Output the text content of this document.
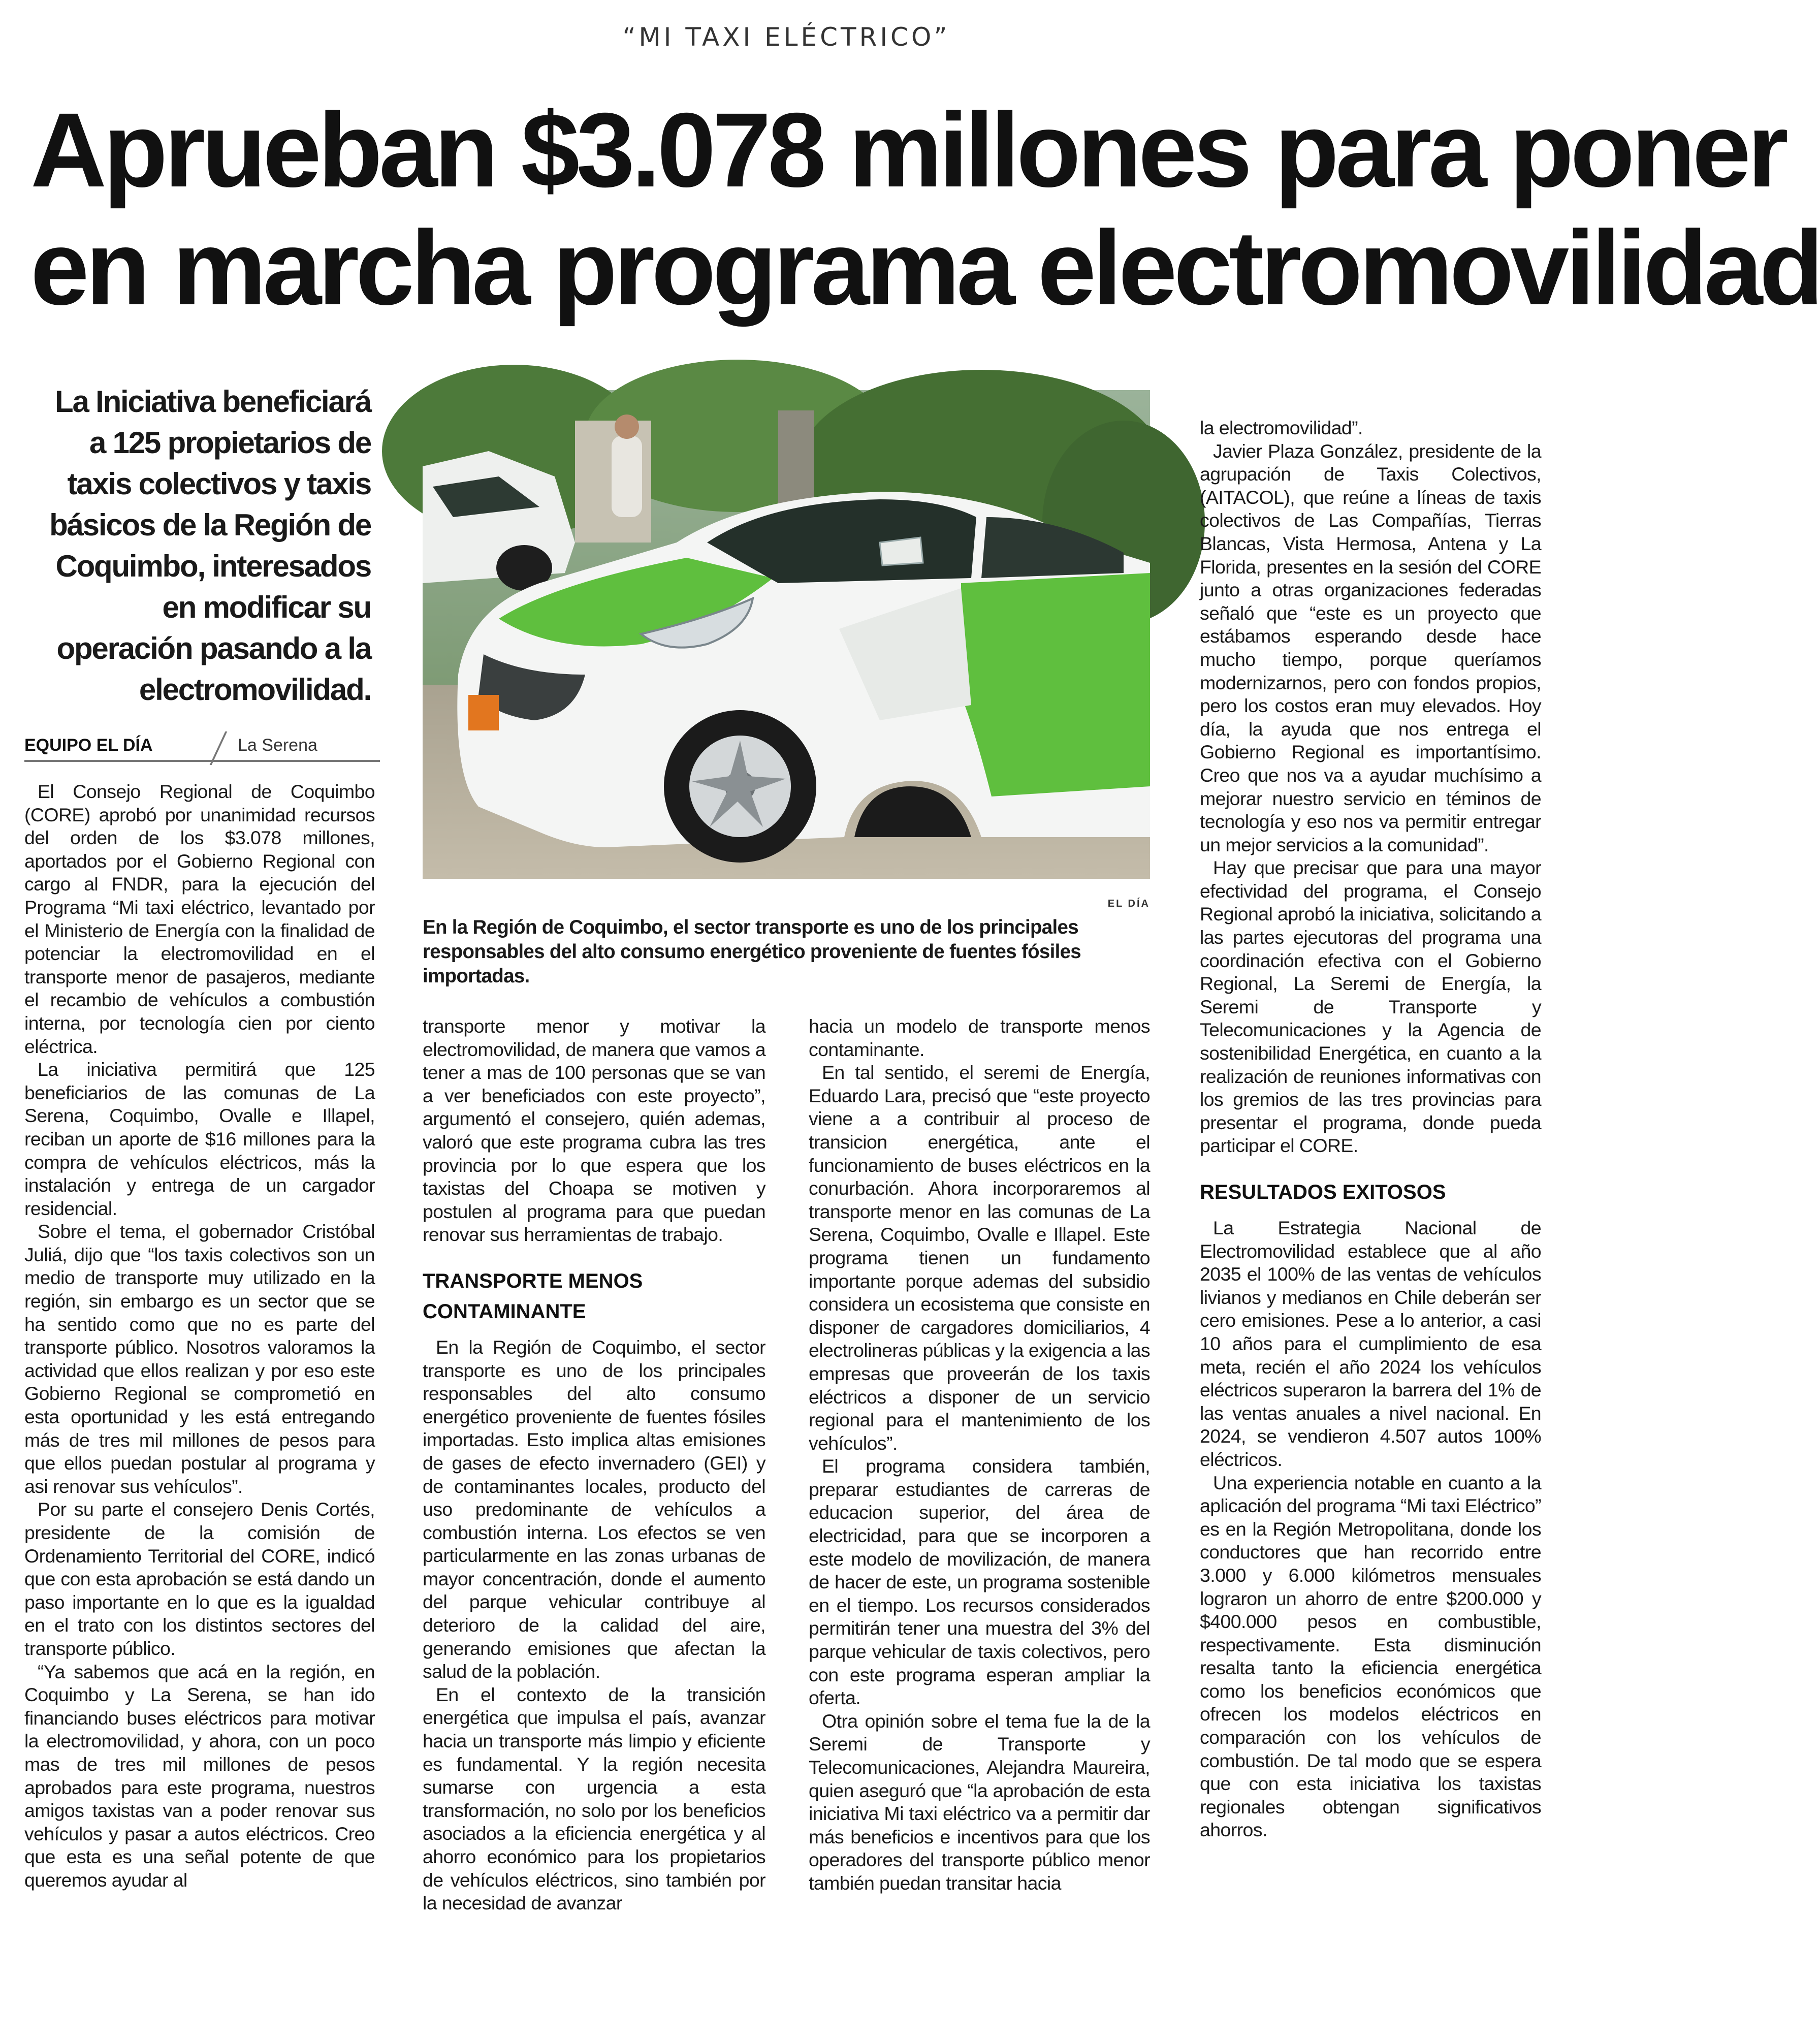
“MI TAXI ELÉCTRICO”
Aprueban $3.078 millones para poner
en marcha programa electromovilidad
La Iniciativa beneficiará a 125 propietarios de taxis colectivos y taxis básicos de la Región de Coquimbo, interesados en modificar su operación pasando a la electromovilidad.
EQUIPO EL DÍA	La Serena

El Consejo Regional de Coquimbo (CORE) aprobó por unanimidad recursos del orden de los $3.078 millones, aportados por el Gobierno Regional con cargo al FNDR, para la ejecución del Programa “Mi taxi eléctrico, levantado por el Ministerio de Energía con la finalidad de potenciar la electromovilidad en el transporte menor de pasajeros, mediante el recambio de vehículos a combustión interna, por tecnología cien por ciento eléctrica.

La iniciativa permitirá que 125 beneficiarios de las comunas de La Serena, Coquimbo, Ovalle e Illapel, reciban un aporte de $16 millones para la compra de vehículos eléctricos, más la instalación y entrega de un cargador residencial.

Sobre el tema, el gobernador Cristóbal Juliá, dijo que “los taxis colectivos son un medio de transporte muy utilizado en la región, sin embargo es un sector que se ha sentido como que no es parte del transporte público. Nosotros valoramos la actividad que ellos realizan y por eso este Gobierno Regional se comprometió en esta oportunidad y les está entregando más de tres mil millones de pesos para que ellos puedan postular al programa y asi renovar sus vehículos”.

Por su parte el consejero Denis Cortés, presidente de la comisión de Ordenamiento Territorial del CORE, indicó que con esta aprobación se está dando un paso importante en lo que es la igualdad en el trato con los distintos sectores del transporte público.

“Ya sabemos que acá en la región, en Coquimbo y La Serena, se han ido financiando buses eléctricos para motivar la electromovilidad, y ahora, con un poco mas de tres mil millones de pesos aprobados para este programa, nuestros amigos taxistas van a poder renovar sus vehículos y pasar a autos eléctricos. Creo que esta es una señal potente de que queremos ayudar al

EL DÍA
En la Región de Coquimbo, el sector transporte es uno de los principales responsables del alto consumo energético proveniente de fuentes fósiles importadas.

transporte menor y motivar la electromovilidad, de manera que vamos a tener a mas de 100 personas que se van a ver beneficiados con este proyecto”, argumentó el consejero, quién ademas, valoró que este programa cubra las tres provincia por lo que espera que los taxistas del Choapa se motiven y postulen al programa para que puedan renovar sus herramientas de trabajo.

TRANSPORTE MENOS CONTAMINANTE

En la Región de Coquimbo, el sector transporte es uno de los principales responsables del alto consumo energético proveniente de fuentes fósiles importadas. Esto implica altas emisiones de gases de efecto invernadero (GEI) y de contaminantes locales, producto del uso predominante de vehículos a combustión interna. Los efectos se ven particularmente en las zonas urbanas de mayor concentración, donde el aumento del parque vehicular contribuye al deterioro de la calidad del aire, generando emisiones que afectan la salud de la población.

En el contexto de la transición energética que impulsa el país, avanzar hacia un transporte más limpio y eficiente es fundamental. Y la región necesita sumarse con urgencia a esta transformación, no solo por los beneficios asociados a la eficiencia energética y al ahorro económico para los propietarios de vehículos eléctricos, sino también por la necesidad de avanzar

hacia un modelo de transporte menos contaminante.

En tal sentido, el seremi de Energía, Eduardo Lara, precisó que “este proyecto viene a a contribuir al proceso de transicion energética, ante el funcionamiento de buses eléctricos en la conurbación. Ahora incorporaremos al transporte menor en las comunas de La Serena, Coquimbo, Ovalle e Illapel. Este programa tienen un fundamento importante porque ademas del subsidio considera un ecosistema que consiste en disponer de cargadores domiciliarios, 4 electrolineras públicas y la exigencia a las empresas que proveerán de los taxis eléctricos a disponer de un servicio regional para el mantenimiento de los vehículos”.

El programa considera también, preparar estudiantes de carreras de educacion superior, del área de electricidad, para que se incorporen a este modelo de movilización, de manera de hacer de este, un programa sostenible en el tiempo. Los recursos considerados permitirán tener una muestra del 3% del parque vehicular de taxis colectivos, pero con este programa esperan ampliar la oferta.

Otra opinión sobre el tema fue la de la Seremi de Transporte y Telecomunicaciones, Alejandra Maureira, quien aseguró que “la aprobación de esta iniciativa Mi taxi eléctrico va a permitir dar más beneficios e incentivos para que los operadores del transporte público menor también puedan transitar hacia

la electromovilidad”.

Javier Plaza González, presidente de la agrupación de Taxis Colectivos, (AITACOL), que reúne a líneas de taxis colectivos de Las Compañías, Tierras Blancas, Vista Hermosa, Antena y La Florida, presentes en la sesión del CORE junto a otras organizaciones federadas señaló que “este es un proyecto que estábamos esperando desde hace mucho tiempo, porque queríamos modernizarnos, pero con fondos propios, pero los costos eran muy elevados. Hoy día, la ayuda que nos entrega el Gobierno Regional es importantísimo. Creo que nos va a ayudar muchísimo a mejorar nuestro servicio en téminos de tecnología y eso nos va permitir entregar un mejor servicios a la comunidad”.

Hay que precisar que para una mayor efectividad del programa, el Consejo Regional aprobó la iniciativa, solicitando a las partes ejecutoras del programa una coordinación efectiva con el Gobierno Regional, La Seremi de Energía, la Seremi de Transporte y Telecomunicaciones y la Agencia de sostenibilidad Energética, en cuanto a la realización de reuniones informativas con los gremios de las tres provincias para presentar el programa, donde pueda participar el CORE.

RESULTADOS EXITOSOS

La Estrategia Nacional de Electromovilidad establece que al año 2035 el 100% de las ventas de vehículos livianos y medianos en Chile deberán ser cero emisiones. Pese a lo anterior, a casi 10 años para el cumplimiento de esa meta, recién el año 2024 los vehículos eléctricos superaron la barrera del 1% de las ventas anuales a nivel nacional. En 2024, se vendieron 4.507 autos 100% eléctricos.

Una experiencia notable en cuanto a la aplicación del programa “Mi taxi Eléctrico” es en la Región Metropolitana, donde los conductores que han recorrido entre 3.000 y 6.000 kilómetros mensuales lograron un ahorro de entre $200.000 y $400.000 pesos en combustible, respectivamente. Esta disminución resalta tanto la eficiencia energética como los beneficios económicos que ofrecen los modelos eléctricos en comparación con los vehículos de combustión. De tal modo que se espera que con esta iniciativa los taxistas regionales obtengan significativos ahorros.
